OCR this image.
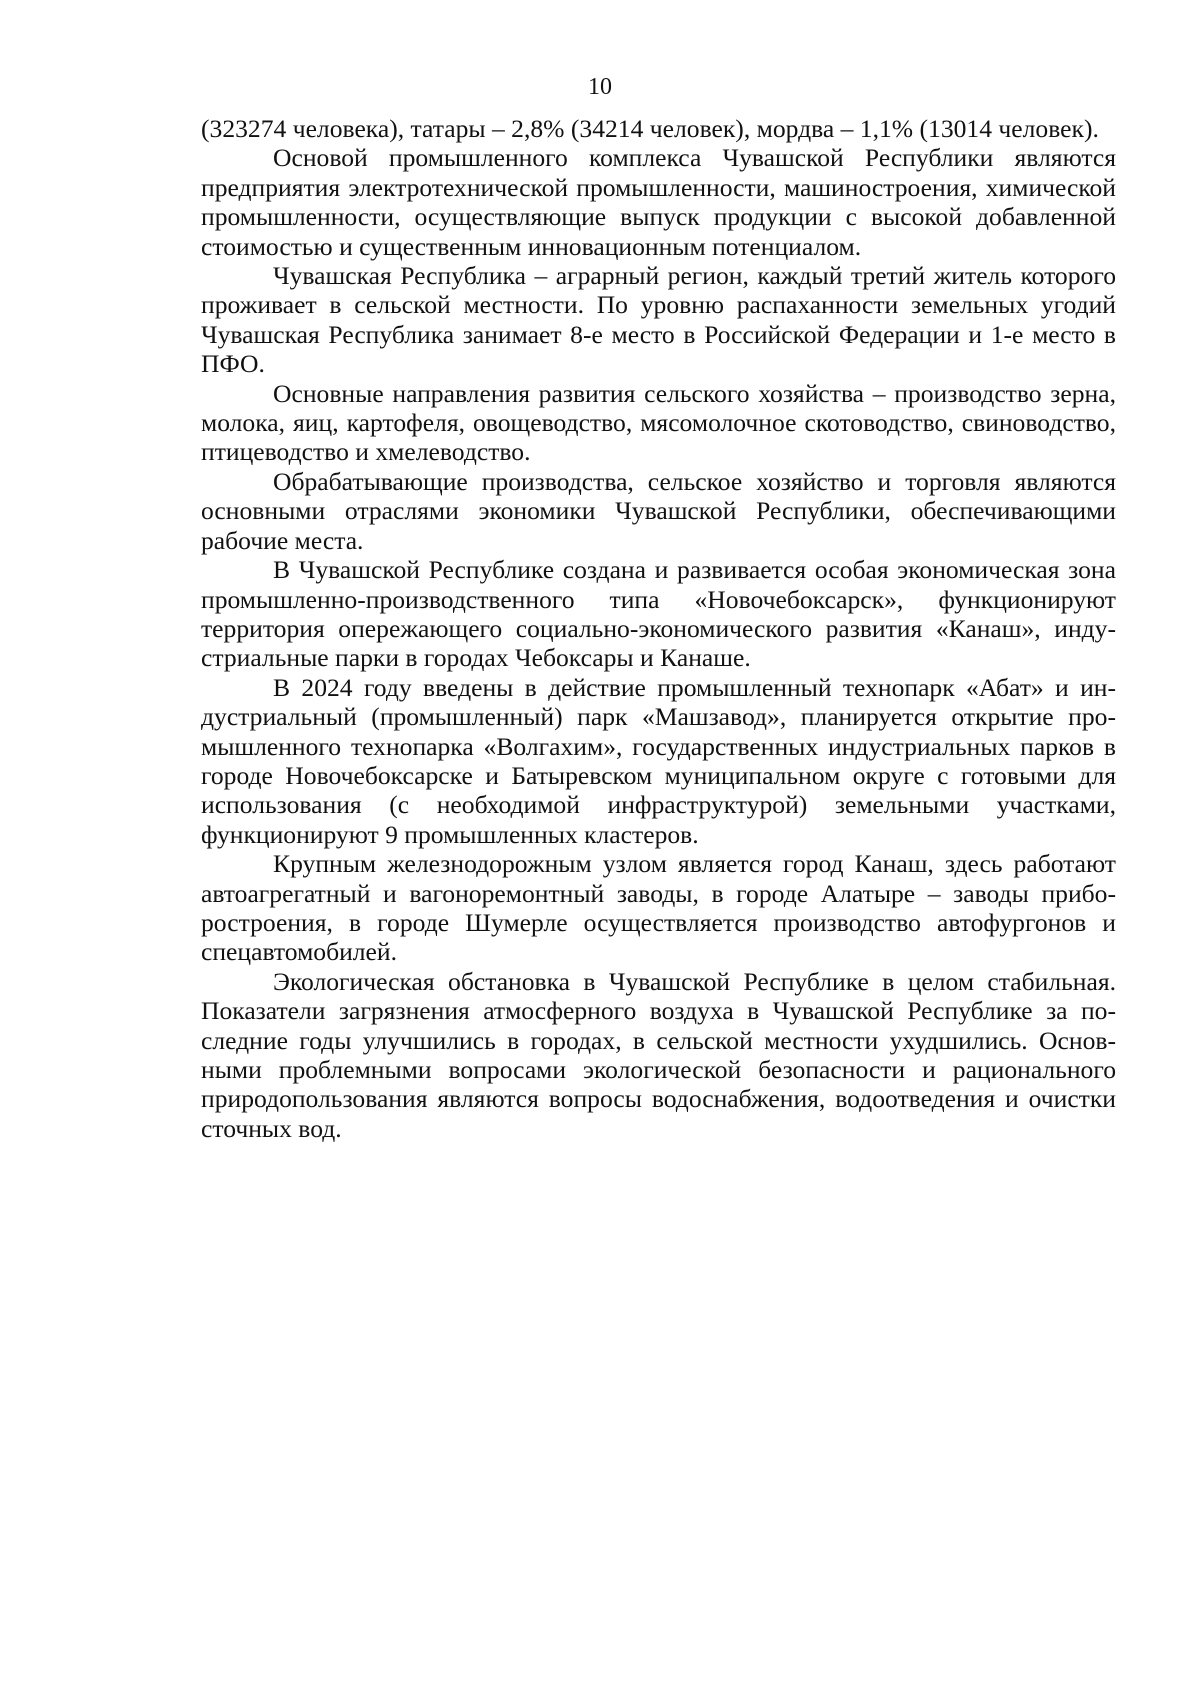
10

(323274 человека), татары – 2,8% (34214 человек), мордва – 1,1% (13014 человек).

Основой промышленного комплекса Чувашской Республики являются предприятия электротехнической промышленности, машиностроения, химической промышленности, осуществляющие выпуск продукции с высокой добавленной стоимостью и существенным инновационным потенциалом.

Чувашская Республика – аграрный регион, каждый третий житель которого проживает в сельской местности. По уровню распаханности земельных угодий Чувашская Республика занимает 8-е место в Российской Федерации и 1-е место в ПФО.

Основные направления развития сельского хозяйства – производство зерна, молока, яиц, картофеля, овощеводство, мясомолочное скотоводство, свиноводство, птицеводство и хмелеводство.

Обрабатывающие производства, сельское хозяйство и торговля являются основными отраслями экономики Чувашской Республики, обеспечивающими рабочие места.

В Чувашской Республике создана и развивается особая экономическая зона промышленно-производственного типа «Новочебоксарск», функционируют территория опережающего социально-экономического развития «Канаш», индустриальные парки в городах Чебоксары и Канаше.

В 2024 году введены в действие промышленный технопарк «Абат» и индустриальный (промышленный) парк «Машзавод», планируется открытие промышленного технопарка «Волгахим», государственных индустриальных парков в городе Новочебоксарске и Батыревском муниципальном округе с готовыми для использования (с необходимой инфраструктурой) земельными участками, функционируют 9 промышленных кластеров.

Крупным железнодорожным узлом является город Канаш, здесь работают автоагрегатный и вагоноремонтный заводы, в городе Алатыре – заводы приборостроения, в городе Шумерле осуществляется производство автофургонов и спецавтомобилей.

Экологическая обстановка в Чувашской Республике в целом стабильная. Показатели загрязнения атмосферного воздуха в Чувашской Республике за последние годы улучшились в городах, в сельской местности ухудшились. Основными проблемными вопросами экологической безопасности и рационального природопользования являются вопросы водоснабжения, водоотведения и очистки сточных вод.
